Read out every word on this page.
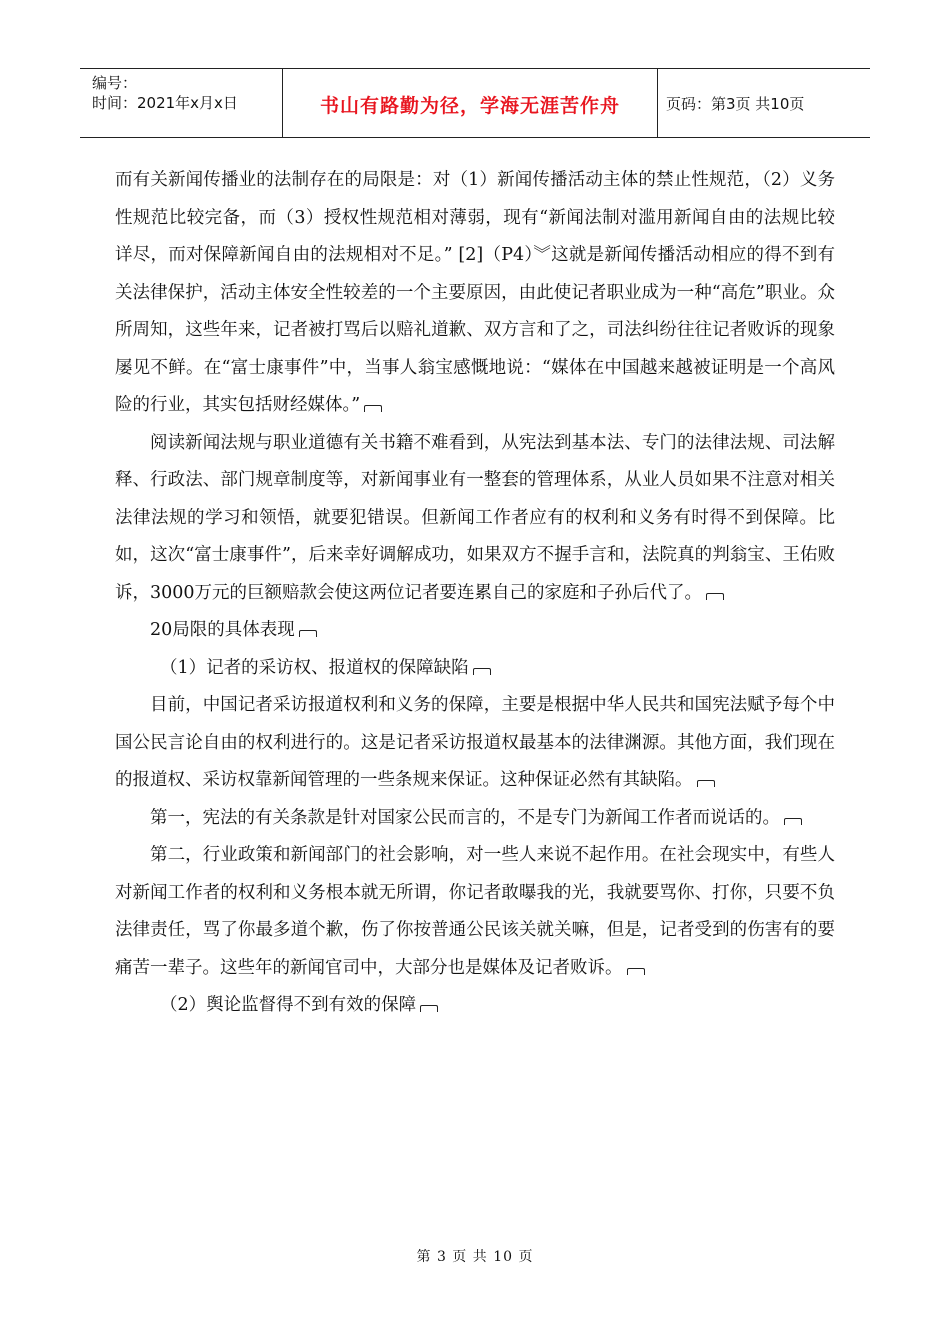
编号：
时间：2021年x月x日	书山有路勤为径，学海无涯苦作舟	页码：第3页 共10页

而有关新闻传播业的法制存在的局限是：对（1）新闻传播活动主体的禁止性规范，（2）义务性规范比较完备，而（3）授权性规范相对薄弱，现有“新闻法制对滥用新闻自由的法规比较详尽，而对保障新闻自由的法规相对不足。” [2]（P4）︾这就是新闻传播活动相应的得不到有关法律保护，活动主体安全性较差的一个主要原因，由此使记者职业成为一种“高危”职业。众所周知，这些年来，记者被打骂后以赔礼道歉、双方言和了之，司法纠纷往往记者败诉的现象屡见不鲜。在“富士康事件”中，当事人翁宝感慨地说：“媒体在中国越来越被证明是一个高风险的行业，其实包括财经媒体。”

阅读新闻法规与职业道德有关书籍不难看到，从宪法到基本法、专门的法律法规、司法解释、行政法、部门规章制度等，对新闻事业有一整套的管理体系，从业人员如果不注意对相关法律法规的学习和领悟，就要犯错误。但新闻工作者应有的权利和义务有时得不到保障。比如，这次“富士康事件”，后来幸好调解成功，如果双方不握手言和，法院真的判翁宝、王佑败诉，3000万元的巨额赔款会使这两位记者要连累自己的家庭和子孙后代了。

20局限的具体表现

（1）记者的采访权、报道权的保障缺陷

目前，中国记者采访报道权利和义务的保障，主要是根据中华人民共和国宪法赋予每个中国公民言论自由的权利进行的。这是记者采访报道权最基本的法律渊源。其他方面，我们现在的报道权、采访权靠新闻管理的一些条规来保证。这种保证必然有其缺陷。

第一，宪法的有关条款是针对国家公民而言的，不是专门为新闻工作者而说话的。

第二，行业政策和新闻部门的社会影响，对一些人来说不起作用。在社会现实中，有些人对新闻工作者的权利和义务根本就无所谓，你记者敢曝我的光，我就要骂你、打你，只要不负法律责任，骂了你最多道个歉，伤了你按普通公民该关就关嘛，但是，记者受到的伤害有的要痛苦一辈子。这些年的新闻官司中，大部分也是媒体及记者败诉。

（2）舆论监督得不到有效的保障

第 3 页 共 10 页
